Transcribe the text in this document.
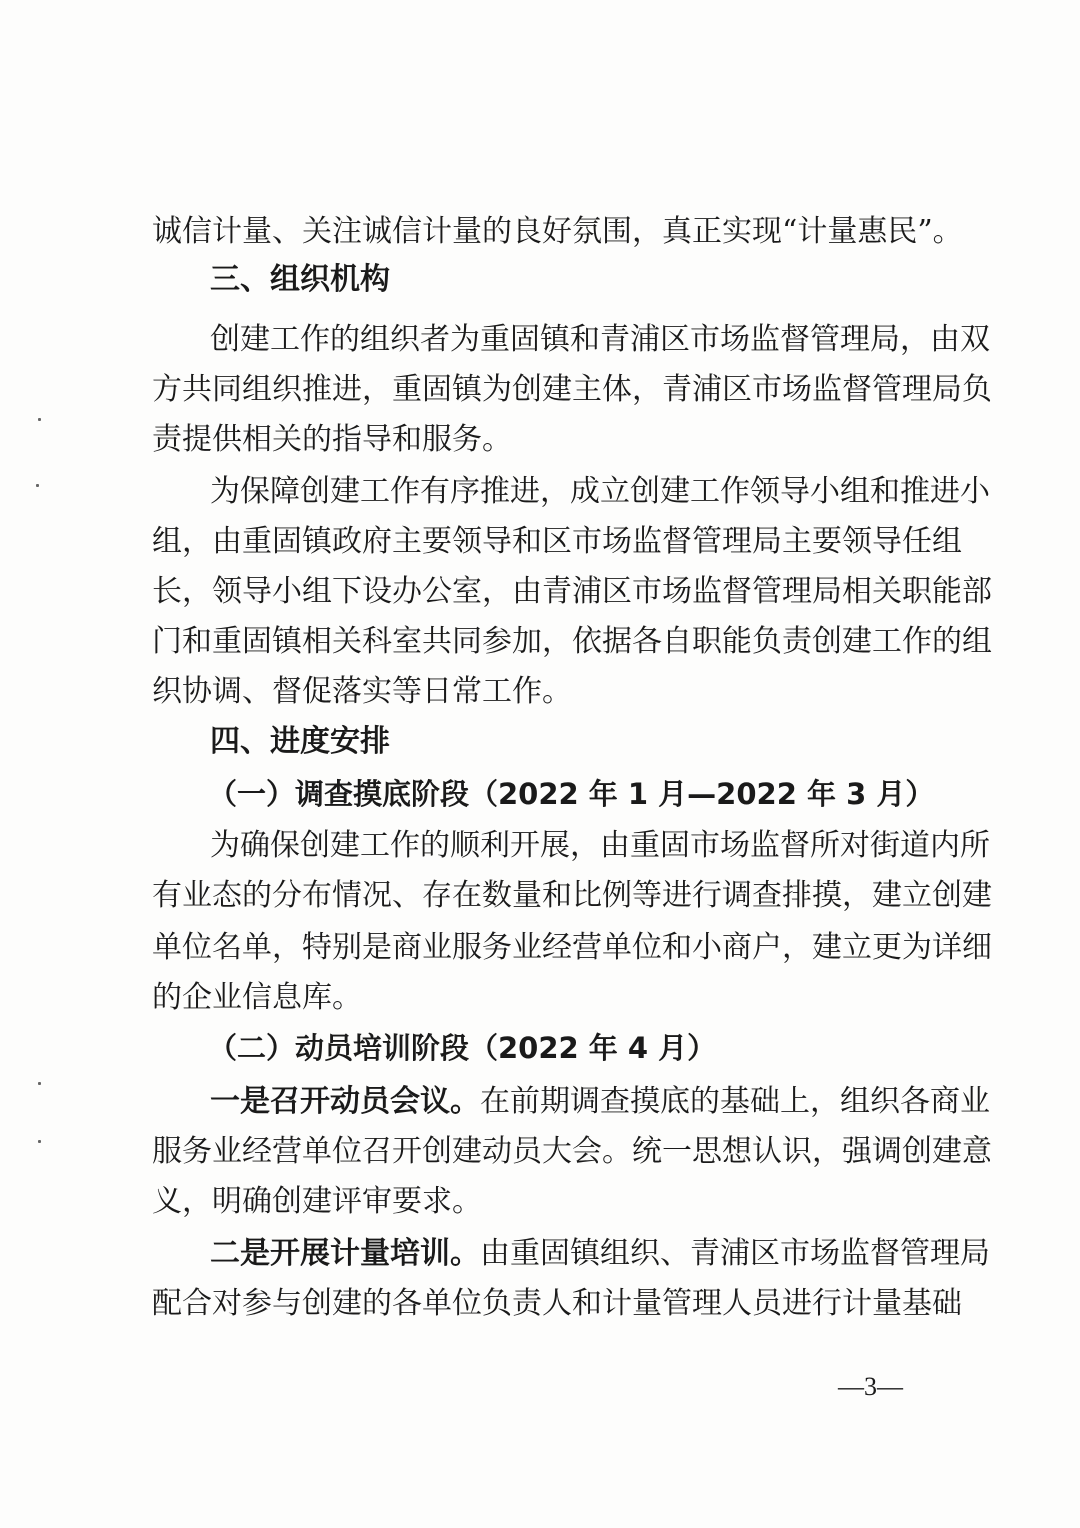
诚信计量、关注诚信计量的良好氛围，真正实现“计量惠民”。
三、组织机构
创建工作的组织者为重固镇和青浦区市场监督管理局，由双
方共同组织推进，重固镇为创建主体，青浦区市场监督管理局负
责提供相关的指导和服务。
为保障创建工作有序推进，成立创建工作领导小组和推进小
组，由重固镇政府主要领导和区市场监督管理局主要领导任组
长，领导小组下设办公室，由青浦区市场监督管理局相关职能部
门和重固镇相关科室共同参加，依据各自职能负责创建工作的组
织协调、督促落实等日常工作。
四、进度安排
（一）调查摸底阶段（2022 年 1 月—2022 年 3 月）
为确保创建工作的顺利开展，由重固市场监督所对街道内所
有业态的分布情况、存在数量和比例等进行调查排摸，建立创建
单位名单，特别是商业服务业经营单位和小商户，建立更为详细
的企业信息库。
（二）动员培训阶段（2022 年 4 月）
一是召开动员会议。在前期调查摸底的基础上，组织各商业
服务业经营单位召开创建动员大会。统一思想认识，强调创建意
义，明确创建评审要求。
二是开展计量培训。由重固镇组织、青浦区市场监督管理局
配合对参与创建的各单位负责人和计量管理人员进行计量基础
—3—
